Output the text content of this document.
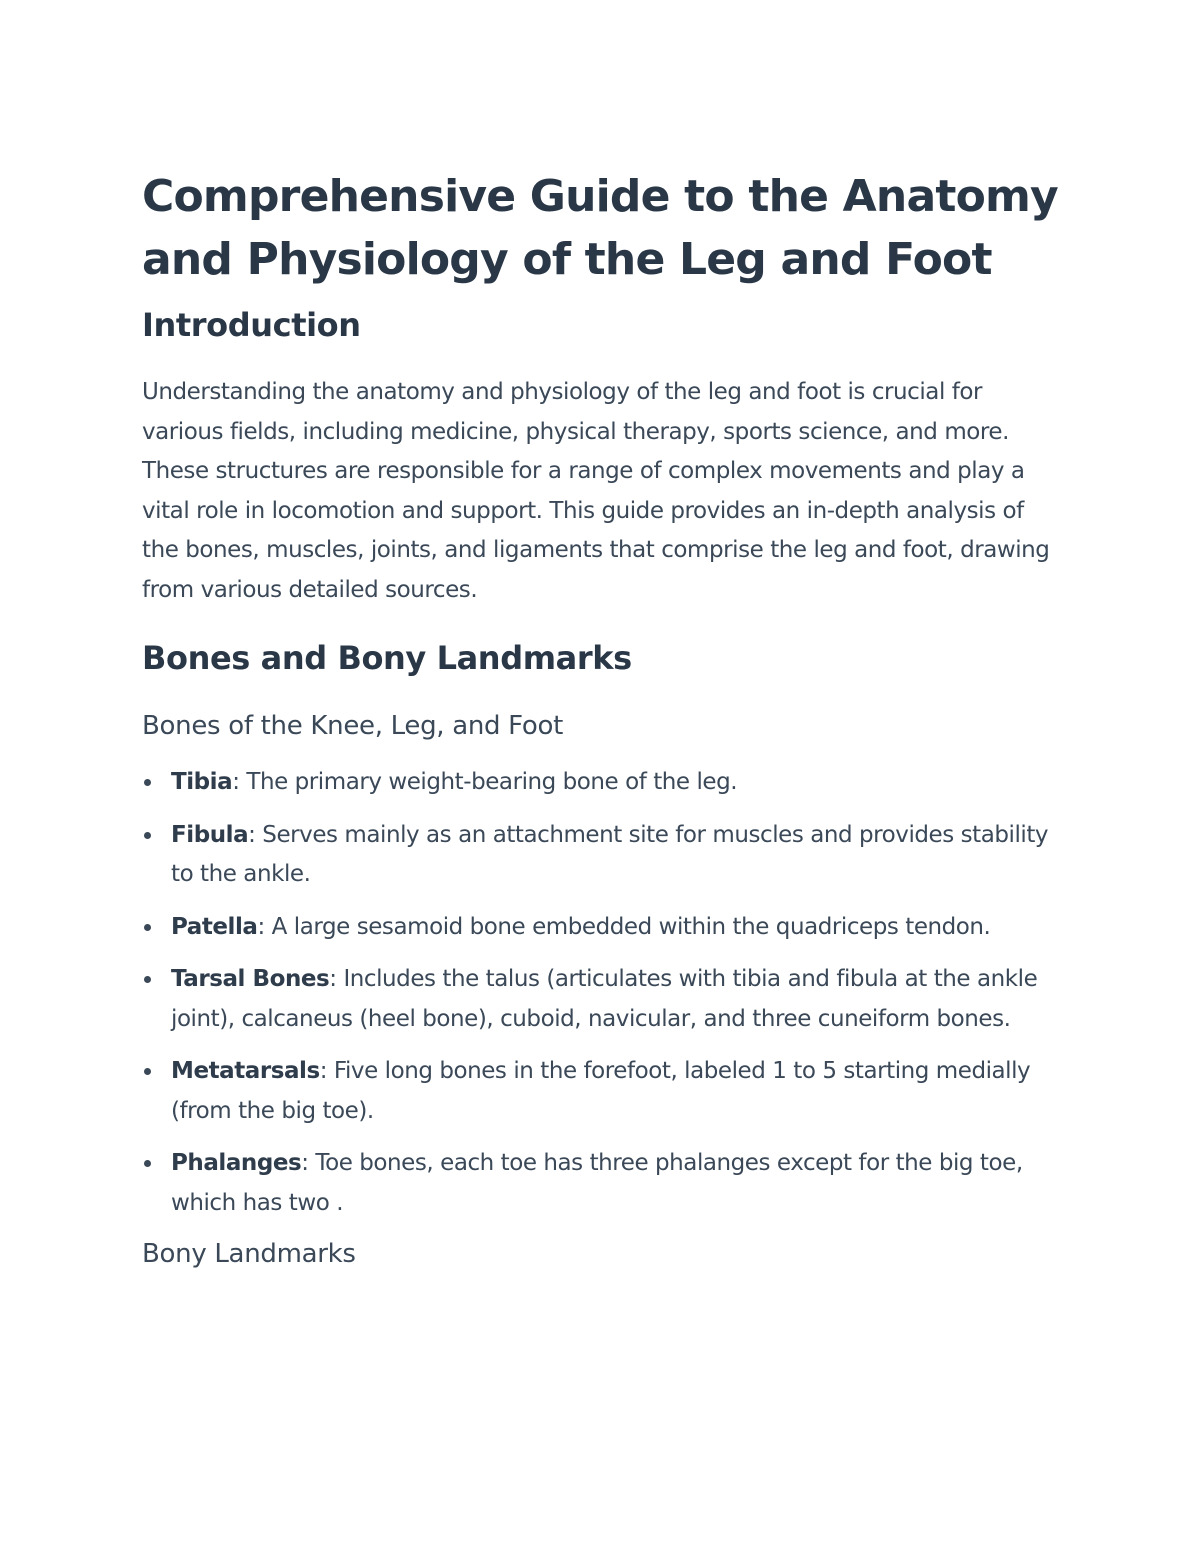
Comprehensive Guide to the Anatomy and Physiology of the Leg and Foot
Introduction

Understanding the anatomy and physiology of the leg and foot is crucial for various fields, including medicine, physical therapy, sports science, and more. These structures are responsible for a range of complex movements and play a vital role in locomotion and support. This guide provides an in-depth analysis of the bones, muscles, joints, and ligaments that comprise the leg and foot, drawing from various detailed sources.

Bones and Bony Landmarks
Bones of the Knee, Leg, and Foot
Tibia: The primary weight-bearing bone of the leg.
Fibula: Serves mainly as an attachment site for muscles and provides stability to the ankle.
Patella: A large sesamoid bone embedded within the quadriceps tendon.
Tarsal Bones: Includes the talus (articulates with tibia and fibula at the ankle joint), calcaneus (heel bone), cuboid, navicular, and three cuneiform bones.
Metatarsals: Five long bones in the forefoot, labeled 1 to 5 starting medially (from the big toe).
Phalanges: Toe bones, each toe has three phalanges except for the big toe, which has two .
Bony Landmarks
